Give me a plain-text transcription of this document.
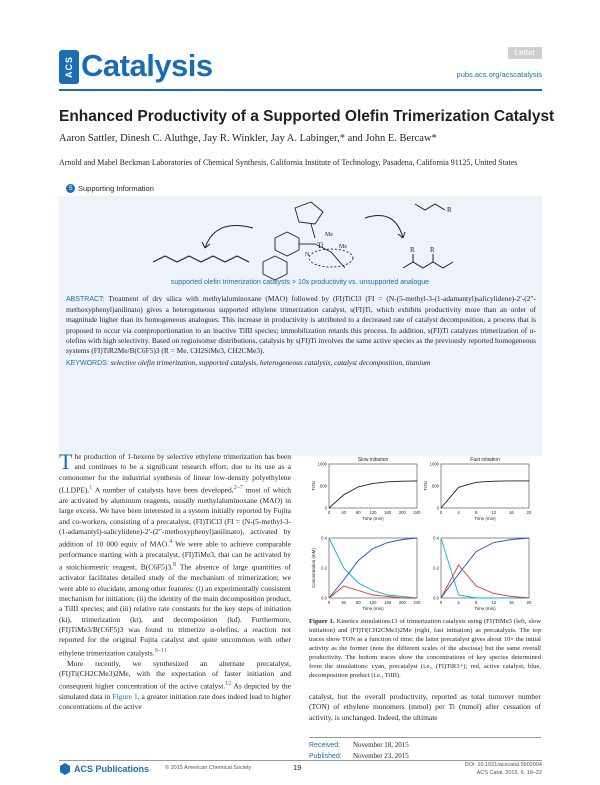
ACS Catalysis	Letter
pubs.acs.org/acscatalysis
Enhanced Productivity of a Supported Olefin Trimerization Catalyst
Aaron Sattler, Dinesh C. Aluthge, Jay R. Winkler, Jay A. Labinger,* and John E. Bercaw*
Arnold and Mabel Beckman Laboratories of Chemical Synthesis, California Institute of Technology, Pasadena, California 91125, United States
S Supporting Information
Ti
Me
Me
N
R
R R
supported olefin trimerization catalysts > 10x productivity vs. unsupported analogue
ABSTRACT: Treatment of dry silica with methylaluminoxane (MAO) followed by (FI)TiCl3 (FI = (N-(5-methyl-3-(1-adamantyl)salicylidene)-2′-(2″-methoxyphenyl)anilinato) gives a heterogeneous supported ethylene trimerization catalyst, s(FI)Ti, which exhibits productivity more than an order of magnitude higher than its homogeneous analogues. This increase in productivity is attributed to a decreased rate of catalyst decomposition, a process that is proposed to occur via comproportionation to an inactive TiIII species; immobilization retards this process. In addition, s(FI)Ti catalyzes trimerization of α-olefins with high selectivity. Based on regioisomer distributions, catalysis by s(FI)Ti involves the same active species as the previously reported homogeneous systems (FI)TiR2Me/B(C6F5)3 (R = Me, CH2SiMe3, CH2CMe3).
KEYWORDS: selective olefin trimerization, supported catalysis, heterogeneous catalysis, catalyst decomposition, titanium

The production of 1-hexene by selective ethylene trimerization has been and continues to be a significant research effort, due to its use as a comonomer for the industrial synthesis of linear low-density polyethylene (LLDPE).$^1$ A number of catalysts have been developed,$^{2-7}$ most of which are activated by aluminum reagents, usually methylaluminoxane (MAO) in large excess. We have been interested in a system initially reported by Fujita and co-workers, consisting of a precatalyst, (FI)TiCl3 (FI = (N-(5-methyl-3-(1-adamantyl)-salicylidene)-2′-(2″-methoxyphenyl)anilinato), activated by addition of 10 000 equiv of MAO.$^4$ We were able to achieve comparable performance starting with a precatalyst, (FI)TiMe3, that can be activated by a stoichiometric reagent, B(C6F5)3.$^8$ The absence of large quantities of activator facilitates detailed study of the mechanism of trimerization; we were able to elucidate, among other features: (i) an experimentally consistent mechanism for initiation; (ii) the identity of the main decomposition product, a TiIII species; and (iii) relative rate constants for the key steps of initiation (ki), trimerization (kt), and decomposition (kd). Furthermore, (FI)TiMe3/B(C6F5)3 was found to trimerize α-olefins, a reaction not reported for the original Fujita catalyst and quite uncommon with other ethylene trimerization catalysts.$^{9-11}$

More recently, we synthesized an alternate precatalyst, (FI)Ti(CH2CMe3)2Me, with the expectation of faster initiation and consequent higher concentration of the active catalyst.$^{12}$ As depicted by the simulated data in Figure 1, a greater initiation rate does indeed lead to higher concentrations of the active

Slow initiation
0	40 80 120 160 200 240
0
500
1000
Time (min)
TON
Fast initiation
0	4	8	12	16	20
0
500
1000
Time (min)
TON
0	40 80 120 160 200 240
0.0
0.2
0.4
Time (min)
Concentration (mM)
0	4	8	12	16	20
0.0
0.2
0.4
Time (min)
Figure 1. Kinetics simulations13 of trimerization catalysis using (FI)TiMe3 (left, slow initiation) and (FI)Ti(CH2CMe3)2Me (right, fast initiation) as precatalysts. The top traces show TON as a function of time; the latter precatalyst gives about 10× the initial activity as the former (note the different scales of the abscissa) but the same overall productivity. The bottom traces show the concentrations of key species determined from the simulations: cyan, precatalyst (i.e., (FI)TiR3+); red, active catalyst; blue, decomposition product (i.e., TiIII).
catalyst, but the overall productivity, reported as total turnover number (TON) of ethylene monomers (mmol) per Ti (mmol) after cessation of activity, is unchanged. Indeed, the ultimate
Received: November 18, 2015
Published: November 23, 2015
ACS Publications	© 2015 American Chemical Society	19	DOI: 10.1021/acscatal.5b02004
ACS Catal. 2016, 6, 19–22
